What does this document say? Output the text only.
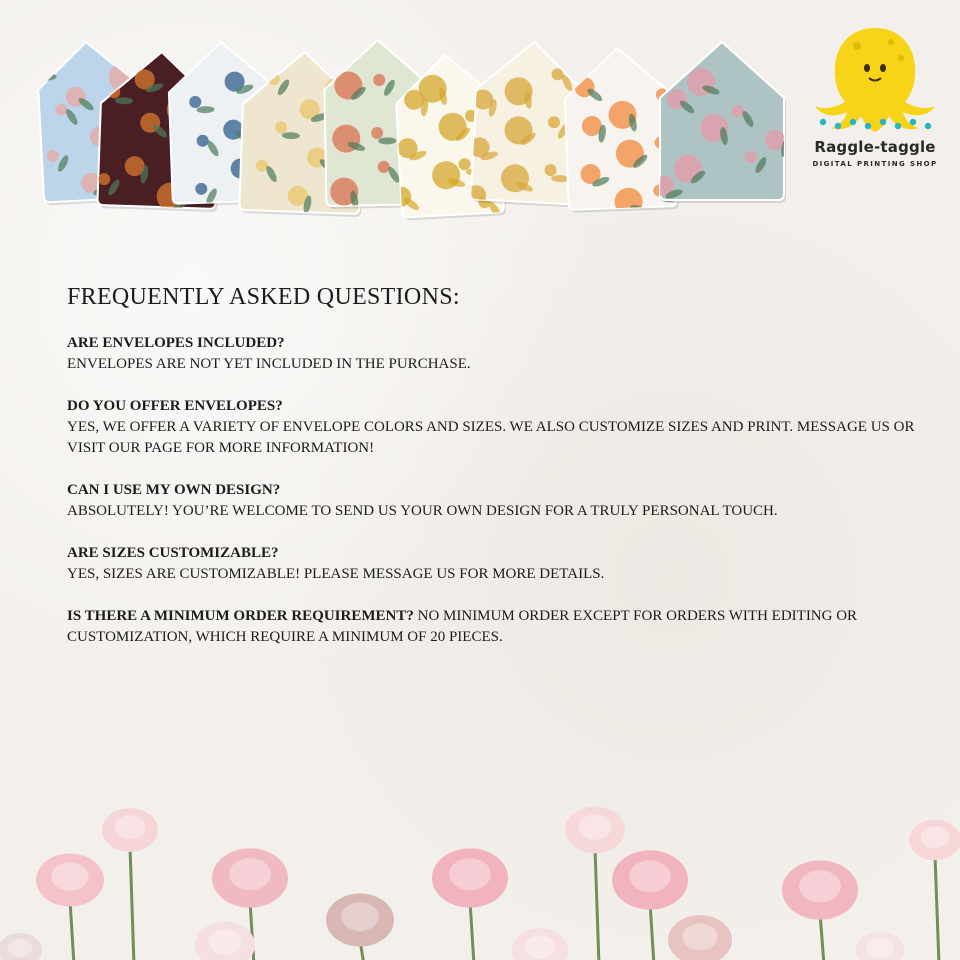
Raggle-taggle
DIGITAL PRINTING SHOP
FREQUENTLY ASKED QUESTIONS:
ARE ENVELOPES INCLUDED?
ENVELOPES ARE NOT YET INCLUDED IN THE PURCHASE.
DO YOU OFFER ENVELOPES?
YES, WE OFFER A VARIETY OF ENVELOPE COLORS AND SIZES. WE ALSO CUSTOMIZE SIZES AND PRINT. MESSAGE US OR VISIT OUR PAGE FOR MORE INFORMATION!
CAN I USE MY OWN DESIGN?
ABSOLUTELY! YOU’RE WELCOME TO SEND US YOUR OWN DESIGN FOR A TRULY PERSONAL TOUCH.
ARE SIZES CUSTOMIZABLE?
YES, SIZES ARE CUSTOMIZABLE! PLEASE MESSAGE US FOR MORE DETAILS.
IS THERE A MINIMUM ORDER REQUIREMENT? NO MINIMUM ORDER EXCEPT FOR ORDERS WITH EDITING OR CUSTOMIZATION, WHICH REQUIRE A MINIMUM OF 20 PIECES.
